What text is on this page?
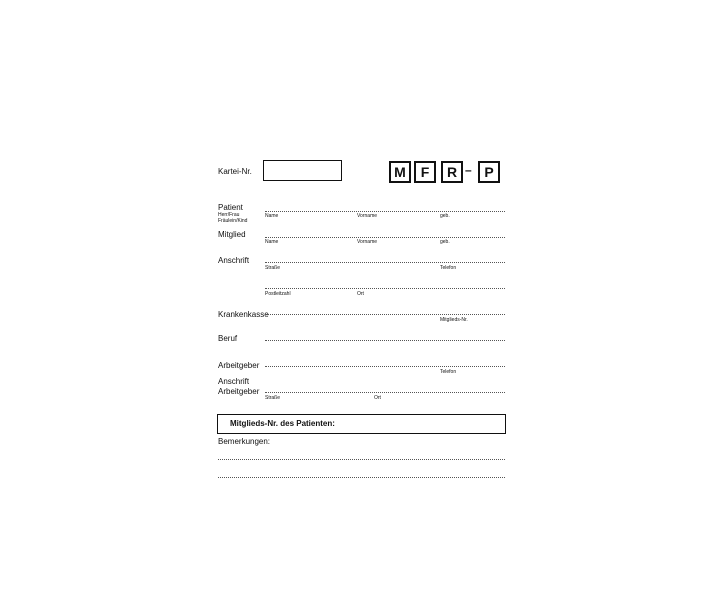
Kartei-Nr.	M	F	R – P
Patient
Herr/Frau
Fräulein/Kind
Name	Vorname	geb.
Mitglied
Name	Vorname	geb.
Anschrift
Straße	Telefon
Postleitzahl	Ort
Krankenkasse
Mitglieds-Nr.
Beruf
Arbeitgeber
Telefon
Anschrift
Arbeitgeber
Straße	Ort
Mitglieds-Nr. des Patienten:
Bemerkungen:
